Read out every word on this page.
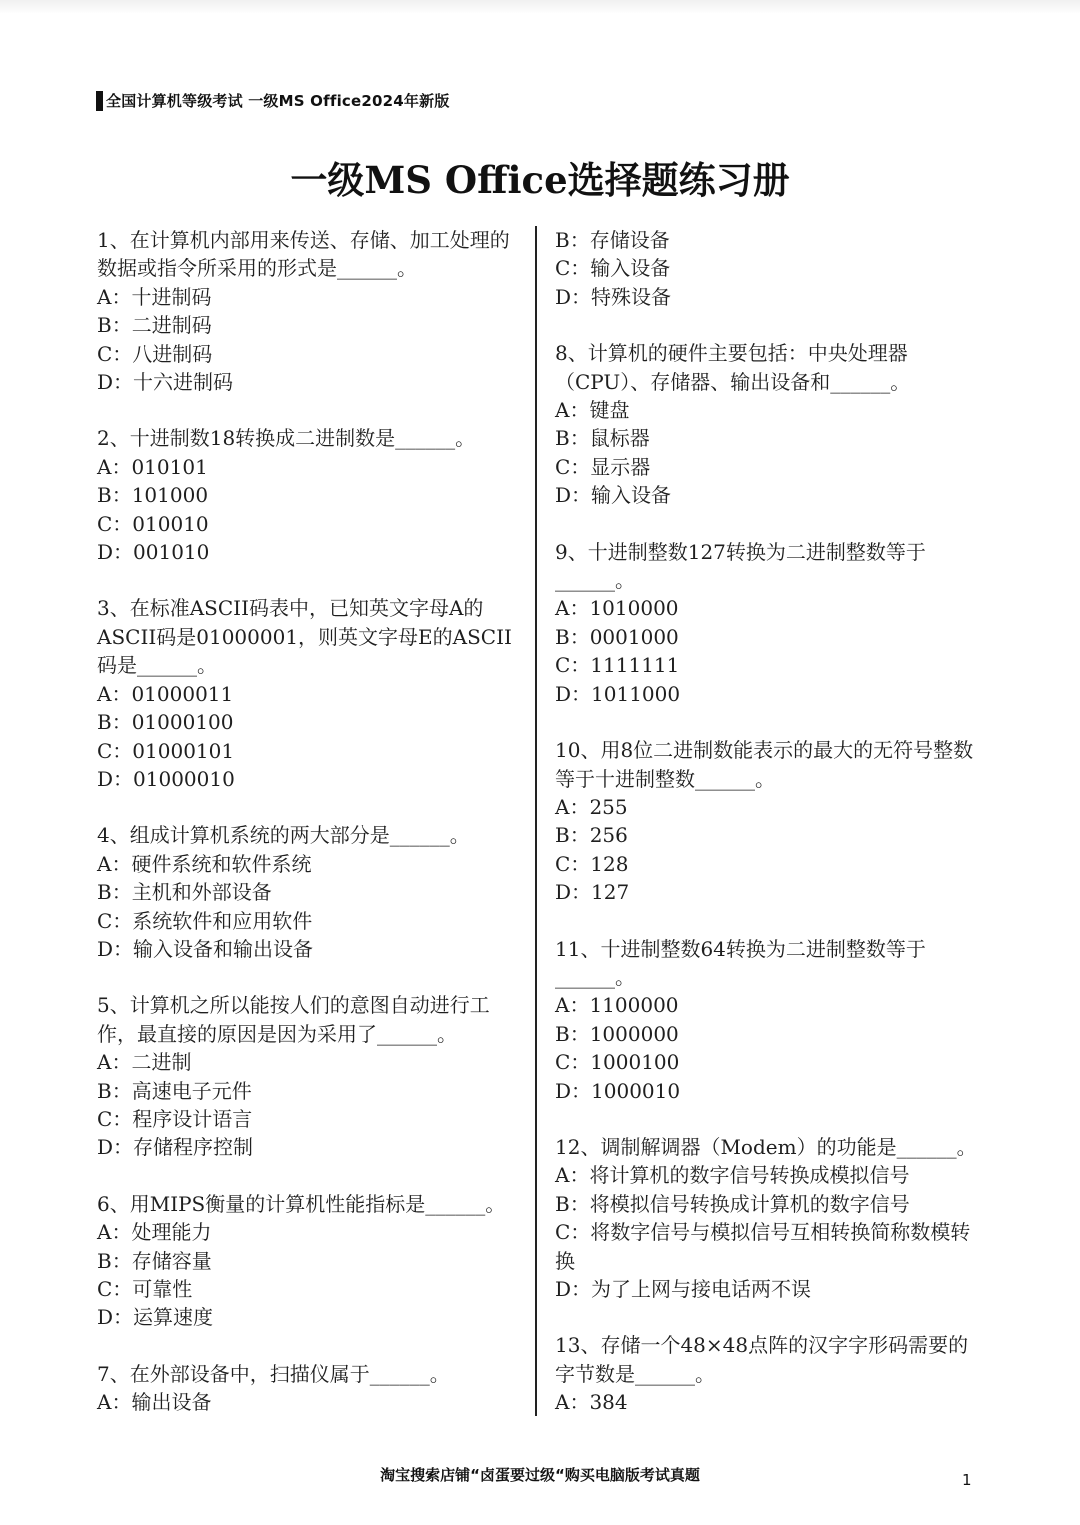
全国计算机等级考试 一级MS Office2024年新版
一级MS Office选择题练习册

1、在计算机内部用来传送、存储、加工处理的数据或指令所采用的形式是______。

A：十进制码

B：二进制码

C：八进制码

D：十六进制码

2、十进制数18转换成二进制数是______。

A：010101

B：101000

C：010010

D：001010

3、在标准ASCII码表中，已知英文字母A的ASCII码是01000001，则英文字母E的ASCII码是______。

A：01000011

B：01000100

C：01000101

D：01000010

4、组成计算机系统的两大部分是______。

A：硬件系统和软件系统

B：主机和外部设备

C：系统软件和应用软件

D：输入设备和输出设备

5、计算机之所以能按人们的意图自动进行工作，最直接的原因是因为采用了______。

A：二进制

B：高速电子元件

C：程序设计语言

D：存储程序控制

6、用MIPS衡量的计算机性能指标是______。

A：处理能力

B：存储容量

C：可靠性

D：运算速度

7、在外部设备中，扫描仪属于______。

A：输出设备

B：存储设备

C：输入设备

D：特殊设备

8、计算机的硬件主要包括：中央处理器（CPU）、存储器、输出设备和______。

A：键盘

B：鼠标器

C：显示器

D：输入设备

9、十进制整数127转换为二进制整数等于______。

A：1010000

B：0001000

C：1111111

D：1011000

10、用8位二进制数能表示的最大的无符号整数等于十进制整数______。

A：255

B：256

C：128

D：127

11、十进制整数64转换为二进制整数等于______。

A：1100000

B：1000000

C：1000100

D：1000010

12、调制解调器（Modem）的功能是______。

A：将计算机的数字信号转换成模拟信号

B：将模拟信号转换成计算机的数字信号

C：将数字信号与模拟信号互相转换简称数模转换

D：为了上网与接电话两不误

13、存储一个48×48点阵的汉字字形码需要的字节数是______。

A：384

淘宝搜索店铺“卤蛋要过级“购买电脑版考试真题	1
